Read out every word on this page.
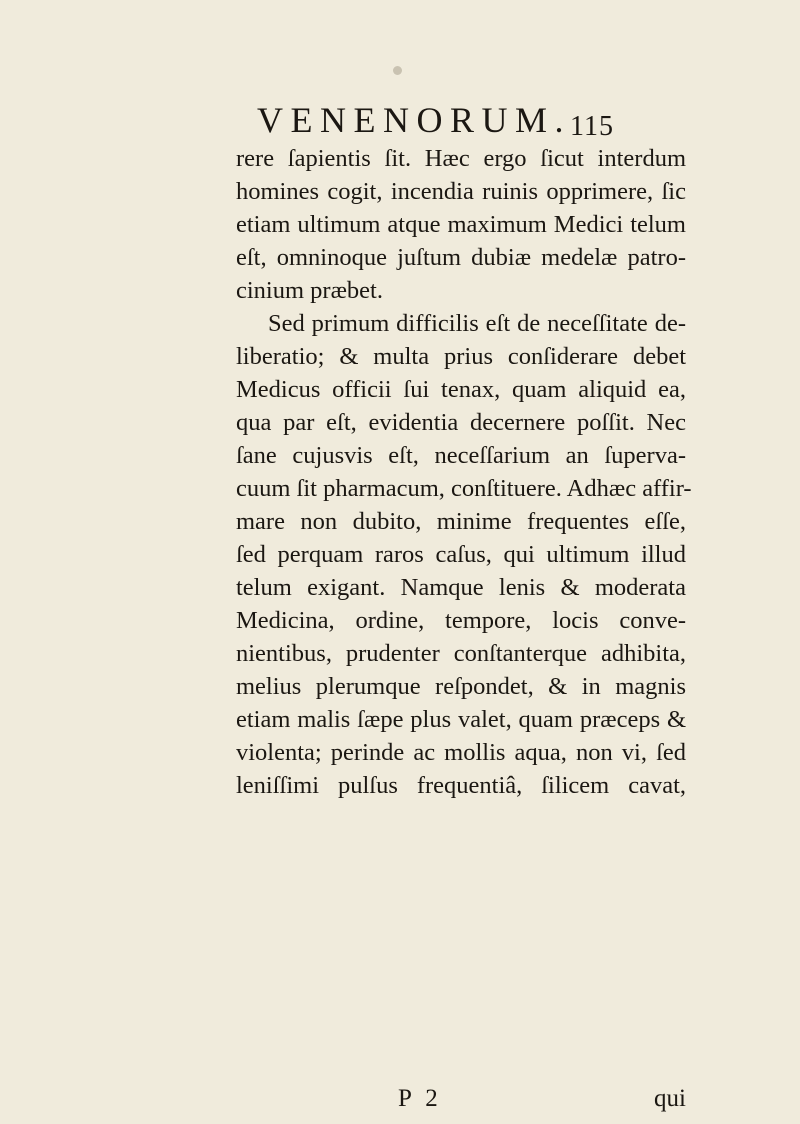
VENENORUM. 115
rere ſapientis ſit. Hæc ergo ſicut interdum
homines cogit, incendia ruinis opprimere, ſic
etiam ultimum atque maximum Medici telum
eſt, omninoque juſtum dubiæ medelæ patro-
cinium præbet.
Sed primum difficilis eſt de neceſſitate de-
liberatio; & multa prius conſiderare debet
Medicus officii ſui tenax, quam aliquid ea,
qua par eſt, evidentia decernere poſſit. Nec
ſane cujusvis eſt, neceſſarium an ſuperva-
cuum ſit pharmacum, conſtituere. Adhæc affir-
mare non dubito, minime frequentes eſſe,
ſed perquam raros caſus, qui ultimum illud
telum exigant. Namque lenis & moderata
Medicina, ordine, tempore, locis conve-
nientibus, prudenter conſtanterque adhibita,
melius plerumque reſpondet, & in magnis
etiam malis ſæpe plus valet, quam præceps &
violenta; perinde ac mollis aqua, non vi, ſed
leniſſimi pulſus frequentiâ, ſilicem cavat,
P 2	qui
